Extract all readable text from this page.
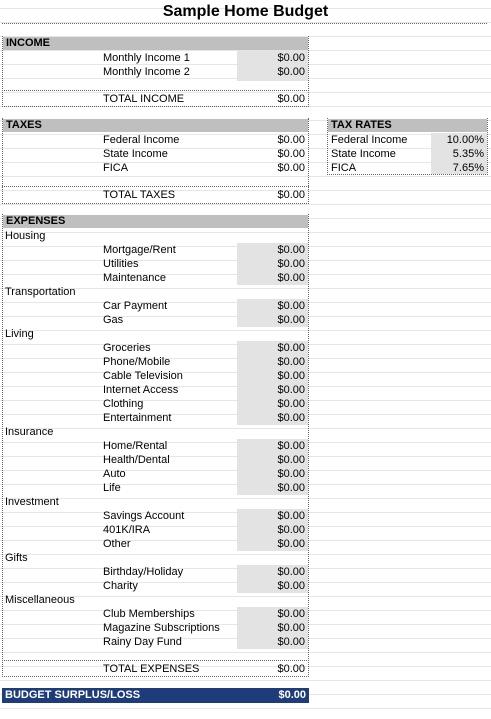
Sample Home Budget
INCOME
Monthly Income 1	$0.00
Monthly Income 2	$0.00
TOTAL INCOME	$0.00
TAXES
Federal Income	$0.00
State Income	$0.00
FICA	$0.00
TOTAL TAXES	$0.00
TAX RATES
Federal Income	10.00%
State Income	5.35%
FICA	7.65%
EXPENSES
Housing
Mortgage/Rent	$0.00
Utilities	$0.00
Maintenance	$0.00
Transportation
Car Payment	$0.00
Gas	$0.00
Living
Groceries	$0.00
Phone/Mobile	$0.00
Cable Television	$0.00
Internet Access	$0.00
Clothing	$0.00
Entertainment	$0.00
Insurance
Home/Rental	$0.00
Health/Dental	$0.00
Auto	$0.00
Life	$0.00
Investment
Savings Account	$0.00
401K/IRA	$0.00
Other	$0.00
Gifts
Birthday/Holiday	$0.00
Charity	$0.00
Miscellaneous
Club Memberships	$0.00
Magazine Subscriptions	$0.00
Rainy Day Fund	$0.00
TOTAL EXPENSES	$0.00
BUDGET SURPLUS/LOSS	$0.00
